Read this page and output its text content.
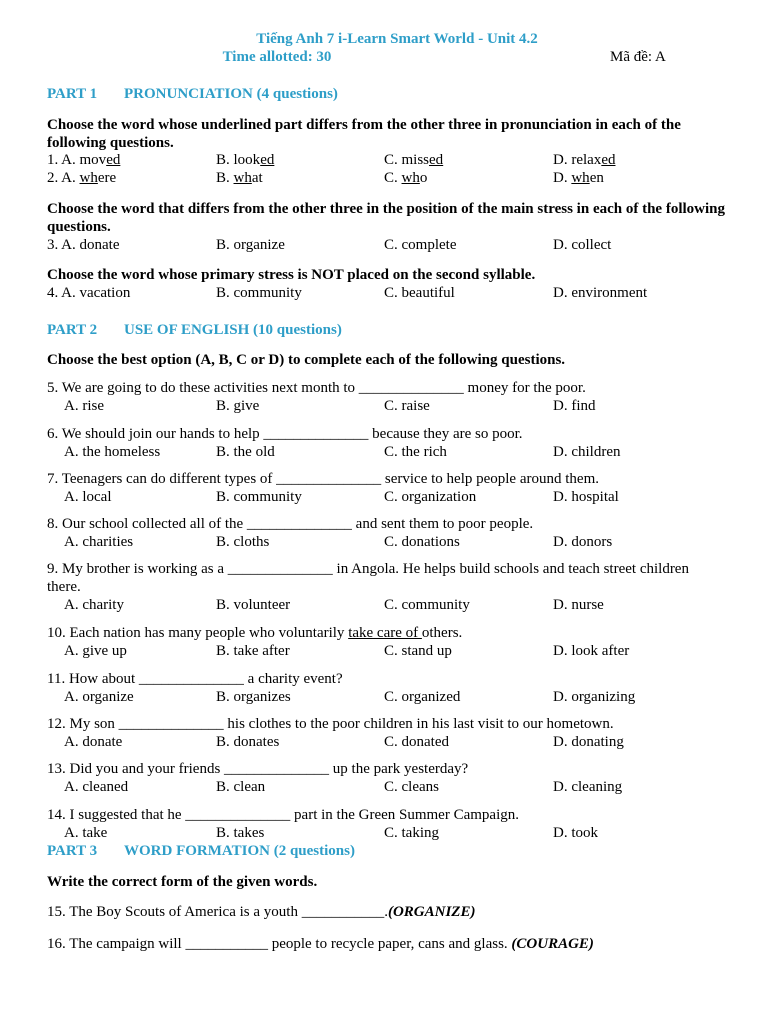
Tiếng Anh 7 i-Learn Smart World - Unit 4.2
Time allotted: 30	Mã đề: A
PART 1 PRONUNCIATION (4 questions)
Choose the word whose underlined part differs from the other three in pronunciation in each of the following questions.
1. A. moved	B. looked	C. missed	D. relaxed
2. A. where	B. what	C. who	D. when
Choose the word that differs from the other three in the position of the main stress in each of the following questions.
3. A. donate	B. organize	C. complete	D. collect
Choose the word whose primary stress is NOT placed on the second syllable.
4. A. vacation	B. community	C. beautiful	D. environment
PART 2 USE OF ENGLISH (10 questions)
Choose the best option (A, B, C or D) to complete each of the following questions.
5. We are going to do these activities next month to ______________ money for the poor.
A. rise	B. give	C. raise	D. find
6. We should join our hands to help ______________ because they are so poor.
A. the homeless	B. the old	C. the rich	D. children
7. Teenagers can do different types of ______________ service to help people around them.
A. local	B. community	C. organization	D. hospital
8. Our school collected all of the ______________ and sent them to poor people.
A. charities	B. cloths	C. donations	D. donors
9. My brother is working as a ______________ in Angola. He helps build schools and teach street children there.
A. charity	B. volunteer	C. community	D. nurse
10. Each nation has many people who voluntarily take care of others.
A. give up	B. take after	C. stand up	D. look after
11. How about ______________ a charity event?
A. organize	B. organizes	C. organized	D. organizing
12. My son ______________ his clothes to the poor children in his last visit to our hometown.
A. donate	B. donates	C. donated	D. donating
13. Did you and your friends ______________ up the park yesterday?
A. cleaned	B. clean	C. cleans	D. cleaning
14. I suggested that he ______________ part in the Green Summer Campaign.
A. take	B. takes	C. taking	D. took
PART 3 WORD FORMATION (2 questions)
Write the correct form of the given words.
15. The Boy Scouts of America is a youth ___________.(ORGANIZE)
16. The campaign will ___________ people to recycle paper, cans and glass. (COURAGE)
